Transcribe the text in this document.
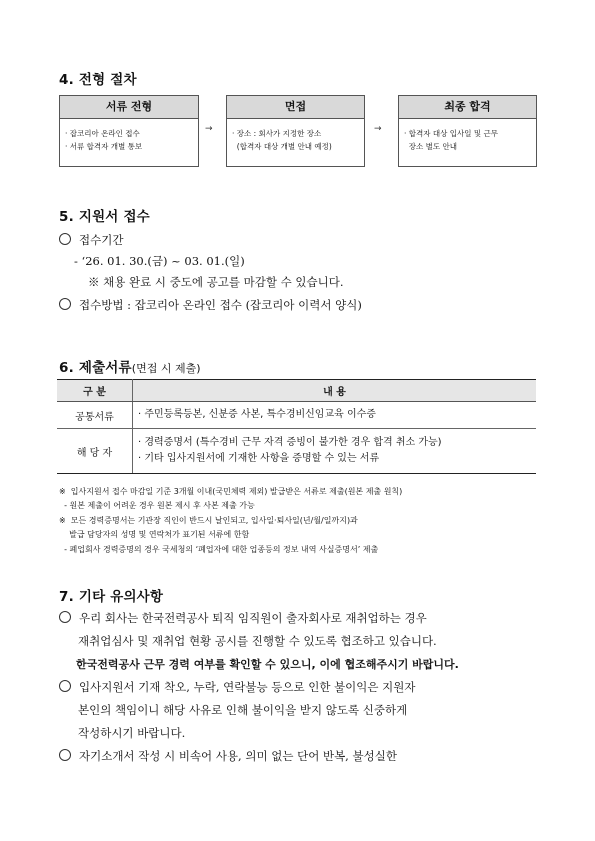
4. 전형 절차
서류 전형
· 잡코리아 온라인 접수
· 서류 합격자 개별 통보
→
면접
· 장소 : 회사가 지정한 장소
(합격자 대상 개별 안내 예정)
→
최종 합격
· 합격자 대상 입사일 및 근무
장소 별도 안내
5. 지원서 접수
접수기간
- ‘26. 01. 30.(금) ~ 03. 01.(일)
※ 채용 완료 시 중도에 공고를 마감할 수 있습니다.
접수방법 : 잡코리아 온라인 접수 (잡코리아 이력서 양식)
6. 제출서류(면접 시 제출)
구 분	내 용
공통서류	· 주민등록등본, 신분증 사본, 특수경비신임교육 이수증

해 당 자	· 경력증명서 (특수경비 근무 자격 증빙이 불가한 경우 합격 취소 가능)
· 기타 입사지원서에 기재한 사항을 증명할 수 있는 서류
※  입사지원서 접수 마감일 기준 3개월 이내(국민체력 제외) 발급받은 서류로 제출(원본 제출 원칙)
- 원본 제출이 어려운 경우 원본 제시 후 사본 제출 가능
※  모든 경력증명서는 기관장 직인이 반드시 날인되고, 입사일·퇴사일(년/월/일까지)과
발급 담당자의 성명 및 연락처가 표기된 서류에 한함
- 폐업회사 경력증명의 경우 국세청의 ‘폐업자에 대한 업종등의 정보 내역 사실증명서’ 제출
7. 기타 유의사항
우리 회사는 한국전력공사 퇴직 임직원이 출자회사로 재취업하는 경우
재취업심사 및 재취업 현황 공시를 진행할 수 있도록 협조하고 있습니다.
한국전력공사 근무 경력 여부를 확인할 수 있으니, 이에 협조해주시기 바랍니다.
입사지원서 기재 착오, 누락, 연락불능 등으로 인한 불이익은 지원자
본인의 책임이니 해당 사유로 인해 불이익을 받지 않도록 신중하게
작성하시기 바랍니다.
자기소개서 작성 시 비속어 사용, 의미 없는 단어 반복, 불성실한
